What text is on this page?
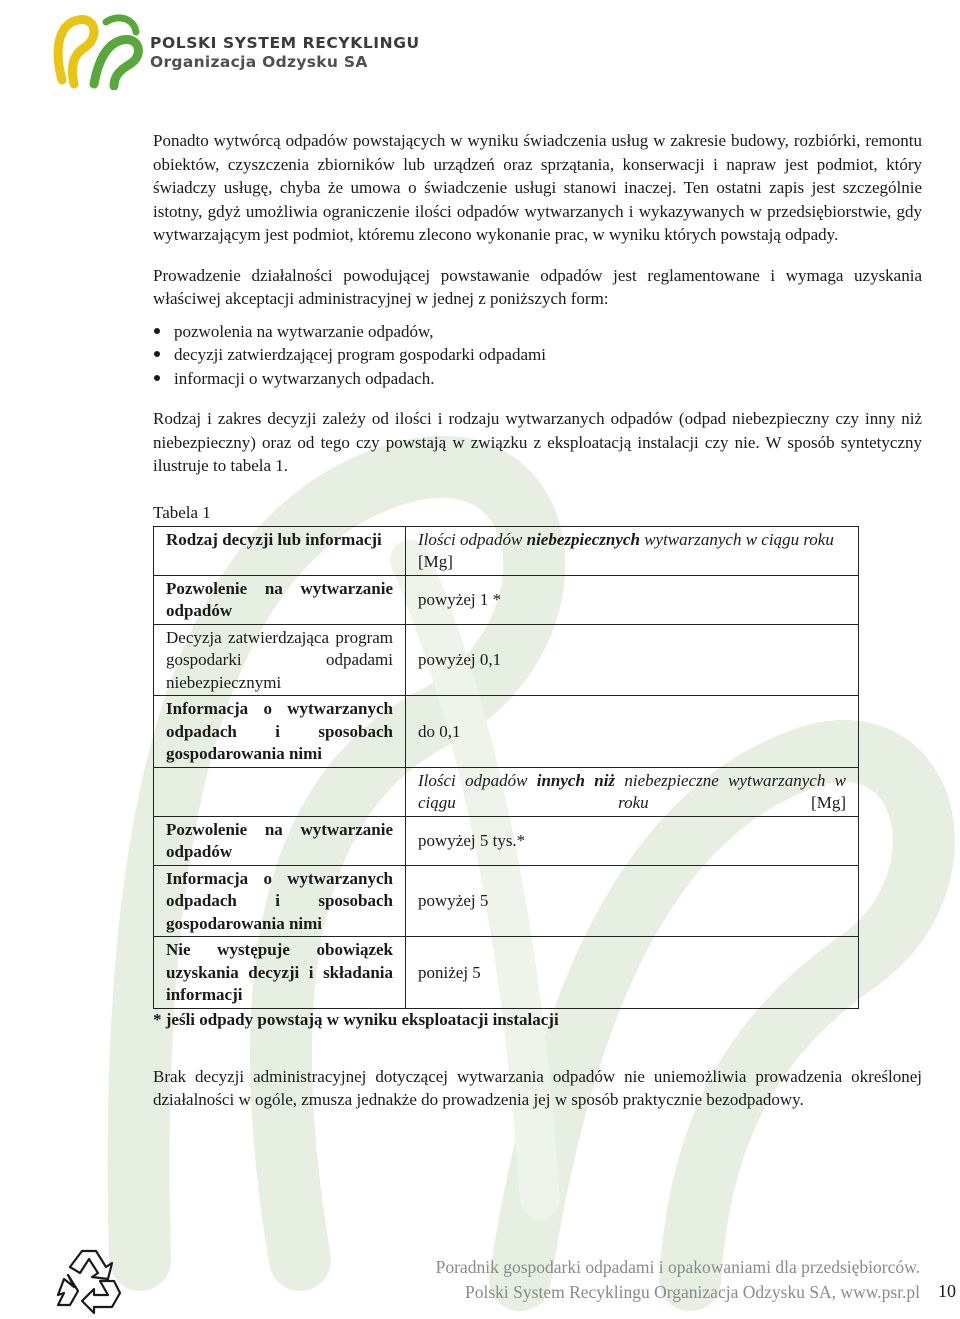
POLSKI SYSTEM RECYKLINGU
Organizacja Odzysku SA

Ponadto wytwórcą odpadów powstających w wyniku świadczenia usług w zakresie budowy, rozbiórki, remontu obiektów, czyszczenia zbiorników lub urządzeń oraz sprzątania, konserwacji i napraw jest podmiot, który świadczy usługę, chyba że umowa o świadczenie usługi stanowi inaczej. Ten ostatni zapis jest szczególnie istotny, gdyż umożliwia ograniczenie ilości odpadów wytwarzanych i wykazywanych w przedsiębiorstwie, gdy wytwarzającym jest podmiot, któremu zlecono wykonanie prac, w wyniku których powstają odpady.

Prowadzenie działalności powodującej powstawanie odpadów jest reglamentowane i wymaga uzyskania właściwej akceptacji administracyjnej w jednej z poniższych form:

pozwolenia na wytwarzanie odpadów,
decyzji zatwierdzającej program gospodarki odpadami
informacji o wytwarzanych odpadach.

Rodzaj i zakres decyzji zależy od ilości i rodzaju wytwarzanych odpadów (odpad niebezpieczny czy inny niż niebezpieczny) oraz od tego czy powstają w związku z eksploatacją instalacji czy nie. W sposób syntetyczny ilustruje to tabela 1.

Tabela 1
Rodzaj decyzji lub informacji	Ilości odpadów niebezpiecznych wytwarzanych w ciągu roku [Mg]
Pozwolenie na wytwarzanie odpadów	powyżej 1 *
Decyzja zatwierdzająca program gospodarki odpadami niebezpiecznymi	powyżej 0,1
Informacja o wytwarzanych odpadach i sposobach gospodarowania nimi	do 0,1
	Ilości odpadów innych niż niebezpieczne wytwarzanych w ciągu roku [Mg]
Pozwolenie na wytwarzanie odpadów	powyżej 5 tys.*
Informacja o wytwarzanych odpadach i sposobach gospodarowania nimi	powyżej 5
Nie występuje obowiązek uzyskania decyzji i składania informacji	poniżej 5
* jeśli odpady powstają w wyniku eksploatacji instalacji

Brak decyzji administracyjnej dotyczącej wytwarzania odpadów nie uniemożliwia prowadzenia określonej działalności w ogóle, zmusza jednakże do prowadzenia jej w sposób praktycznie bezodpadowy.

Poradnik gospodarki odpadami i opakowaniami dla przedsiębiorców.
Polski System Recyklingu Organizacja Odzysku SA, www.psr.pl 10
